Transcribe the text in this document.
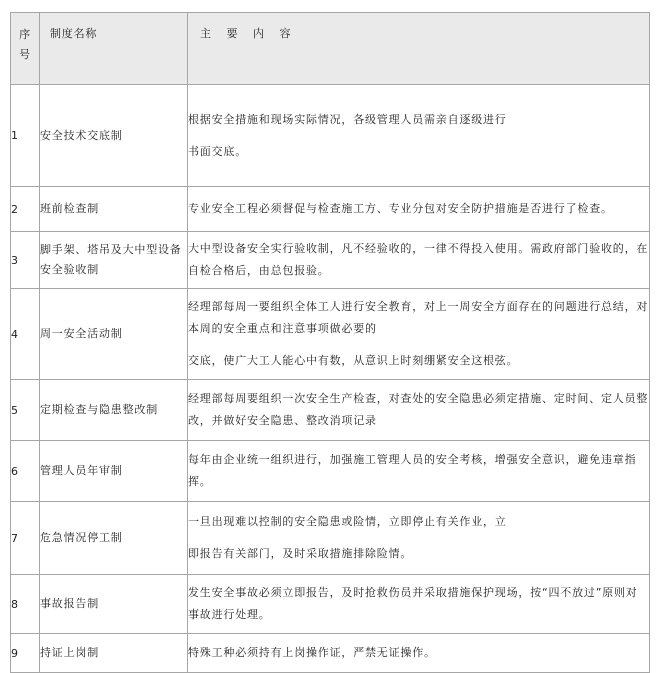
序号	制度名称	主 要 内 容
1	安全技术交底制	根据安全措施和现场实际情况，各级管理人员需亲自逐级进行

书面交底。

2	班前检查制	专业安全工程必须督促与检查施工方、专业分包对安全防护措施是否进行了检查。

3	脚手架、塔吊及大中型设备安全验收制	大中型设备安全实行验收制，凡不经验收的，一律不得投入使用。需政府部门验收的，在自检合格后，由总包报验。

4	周一安全活动制	经理部每周一要组织全体工人进行安全教育，对上一周安全方面存在的问题进行总结，对本周的安全重点和注意事项做必要的

交底，使广大工人能心中有数，从意识上时刻绷紧安全这根弦。

5	定期检查与隐患整改制	经理部每周要组织一次安全生产检查，对查处的安全隐患必须定措施、定时间、定人员整改，并做好安全隐患、整改消项记录

6	管理人员年审制	每年由企业统一组织进行，加强施工管理人员的安全考核，增强安全意识，避免违章指挥。

7	危急情况停工制	一旦出现难以控制的安全隐患或险情，立即停止有关作业，立

即报告有关部门，及时采取措施排除险情。

8	事故报告制	发生安全事故必须立即报告，及时抢救伤员并采取措施保护现场，按“四不放过”原则对事故进行处理。

9	持证上岗制	特殊工种必须持有上岗操作证，严禁无证操作。
